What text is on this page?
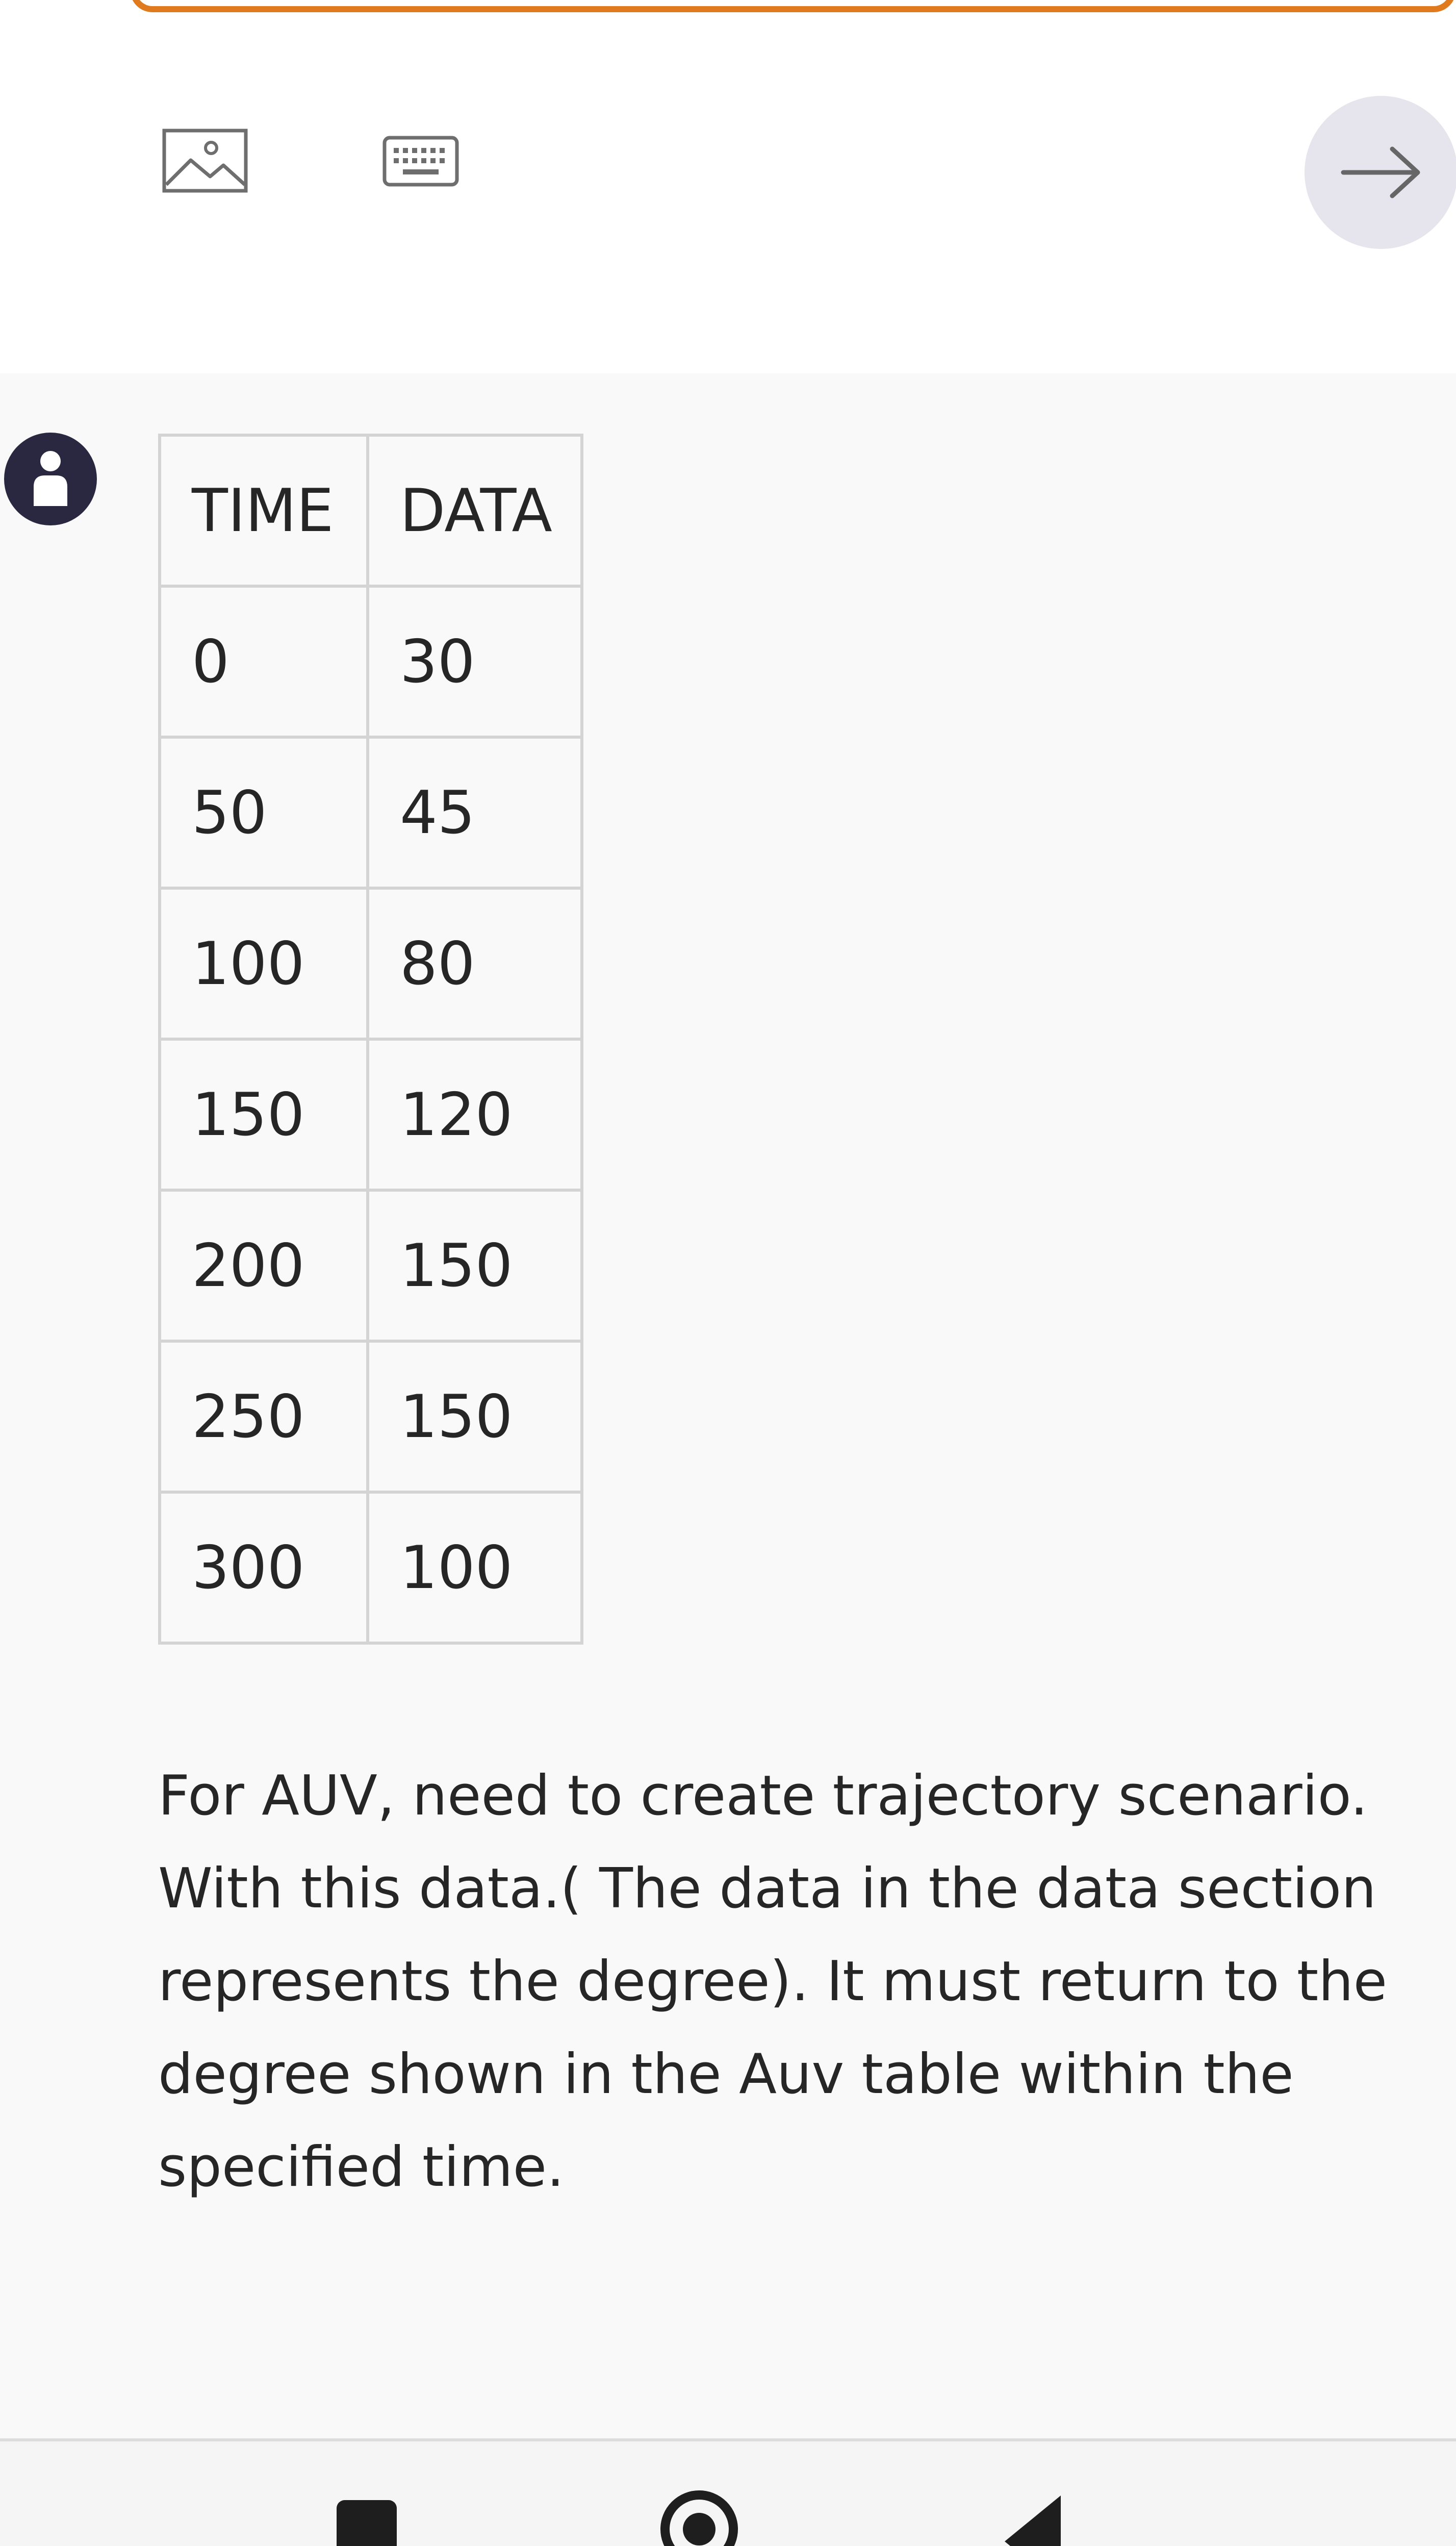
TIME	DATA
0	30
50	45
100	80
150	120
200	150
250	150
300	100

For AUV, need to create trajectory scenario. With this data.( The data in the data section represents the degree). It must return to the degree shown in the Auv table within the specified time.
